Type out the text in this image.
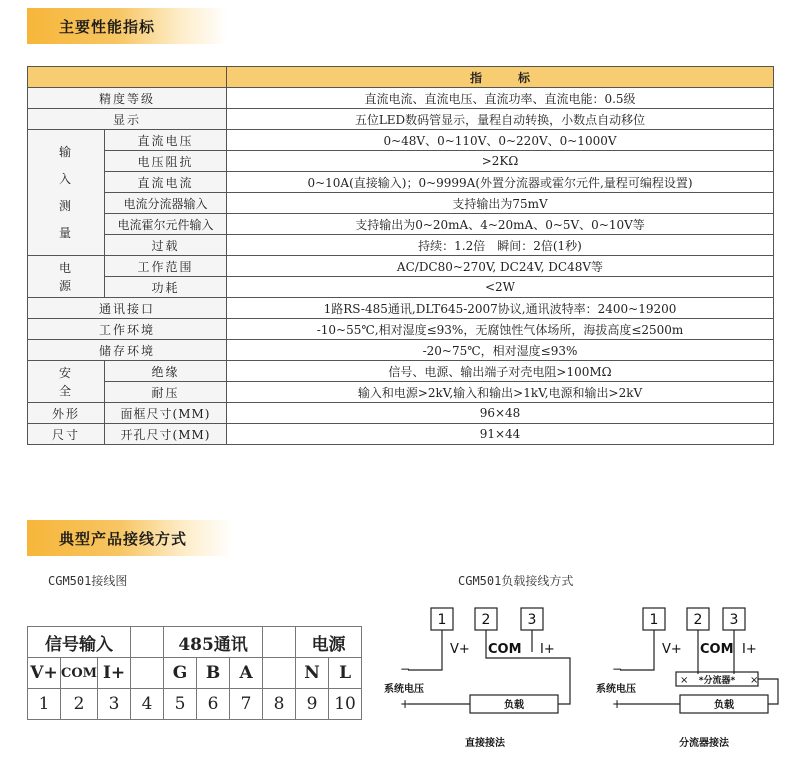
主要性能指标
		指　　　标
精度等级		直流电流、直流电压、直流功率、直流电能：0.5级
显示		五位LED数码管显示，量程自动转换，小数点自动移位

输入测量	直流电压	0~48V、0~110V、0~220V、0~1000V
	电压阻抗	>2KΩ
	直流电流	0~10A(直接输入)；0~9999A(外置分流器或霍尔元件,量程可编程设置)
	电流分流器输入	支持输出为75mV
	电流霍尔元件输入	支持输出为0~20mA、4~20mA、0~5V、0~10V等
	过载	持续：1.2倍　瞬间：2倍(1秒)

电源	工作范围	AC/DC80~270V, DC24V, DC48V等
	功耗	<2W
通讯接口		1路RS-485通讯,DLT645-2007协议,通讯波特率：2400~19200
工作环境		-10~55℃,相对湿度≤93%，无腐蚀性气体场所，海拔高度≤2500m
储存环境		-20~75℃，相对湿度≤93%

安全	绝缘	信号、电源、输出端子对壳电阻>100MΩ
	耐压	输入和电源>2kV,输入和输出>1kV,电源和输出>2kV
外形	面框尺寸(MM)	96×48
尺寸	开孔尺寸(MM)	91×44
典型产品接线方式
CGM501接线图	CGM501负载接线方式
信号输入				485通讯				电源	
V+	COM	I+		G	B	A		N	L
1	2	3	4	5	6	7	8	9	10
1	2	3
V+ COM I+
−
系统电压
+	负载
直接接法
1	2 3
V+ COM I+
−
系统电压
+
×	×
*分流器*
负载
分流器接法
